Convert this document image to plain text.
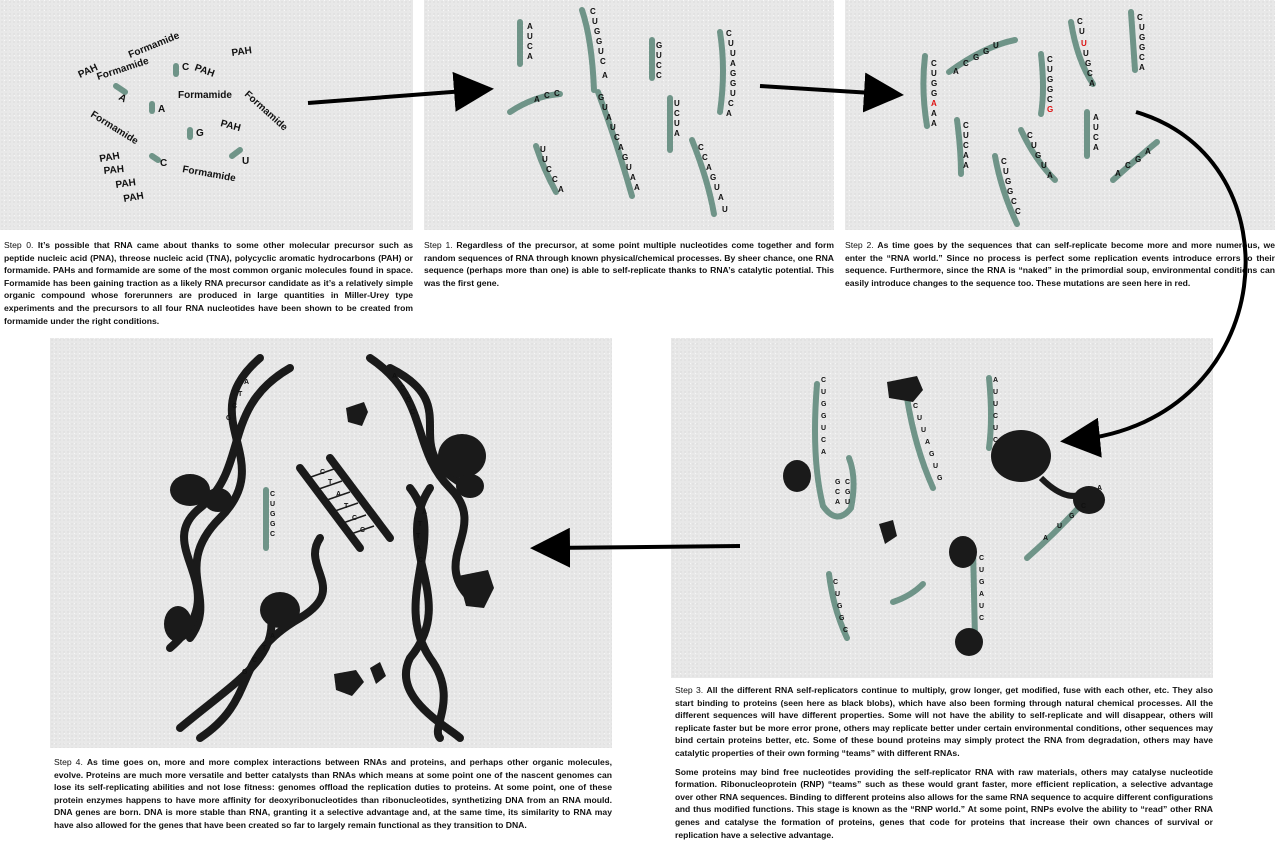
Formamide
Formamide
Formamide Formamide
Formamide
Formamide
PAH	PAH
PAH
PAH
PAH
PAH
PAH
PAH
A
C
A
G
C	U
Step 0. It’s possible that RNA came about thanks to some other molecular precursor such as peptide nucleic acid (PNA), threose nucleic acid (TNA), polycyclic aromatic hydrocarbons (PAH) or formamide. PAHs and formamide are some of the most common organic molecules found in space. Formamide has been gaining traction as a likely RNA precursor candidate as it’s a relatively simple organic compound whose forerunners are produced in large quantities in Miller-Urey type experiments and the precursors to all four RNA nucleotides have been shown to be created from formamide under the right conditions.
A
U
C
A
C
U
G
G
U
C
A
G
U
C
C
C
U
U
A
G
G
U
C
A
G
U
A
U
C
A
G
U
A
A
U
C
U
A
C
C
A
G
U
A
U
U
U
C
C
A
A C C
Step 1. Regardless of the precursor, at some point multiple nucleotides come together and form random sequences of RNA through known physical/chemical processes. By sheer chance, one RNA sequence (perhaps more than one) is able to self-replicate thanks to RNA’s catalytic potential. This was the first gene.
C
U
G
G
A
A
A
A
C
G
G
U
C
U
U
U
G
C
A
C
U
G
G
C
A
C
U
G
G
C
G
C
U
C
A
A
C
U
G
U
A
A
U
C
A
C
U
G
G
C
C
A
C
G
A
Step 2. As time goes by the sequences that can self-replicate become more and more numerous, we enter the “RNA world.” Since no process is perfect some replication events introduce errors to their sequence. Furthermore, since the RNA is “naked” in the primordial soup, environmental conditions can easily introduce changes to the sequence too. These mutations are seen here in red.
C
T
A
T
C
C
C
U
G
G
C
A
T
T
A
C
A
T
C
G
A
C
G
C
A
T
C
G
Step 4. As time goes on, more and more complex interactions between RNAs and proteins, and perhaps other organic molecules, evolve. Proteins are much more versatile and better catalysts than RNAs which means at some point one of the nascent genomes can lose its self-replicating abilities and not lose fitness: genomes offload the replication duties to proteins. At some point, one of these protein enzymes happens to have more affinity for deoxyribonucleotides than ribonucleotides, synthetizing DNA from an RNA mould. DNA genes are born. DNA is more stable than RNA, granting it a selective advantage and, at the same time, its similarity to RNA may have also allowed for the genes that have been created so far to largely remain functional as they transition to DNA.
C
U
G
G
U
C
A
G
C
A
C
G
U
C
U
U
A
G
U
G
A
U
U
C
U
C
C
U
G
G
C
C
U
G
A
U
C
A
C
G
U
A

Step 3. All the different RNA self-replicators continue to multiply, grow longer, get modified, fuse with each other, etc. They also start binding to proteins (seen here as black blobs), which have also been forming through natural chemical processes. All the different sequences will have different properties. Some will not have the ability to self-replicate and will disappear, others will replicate faster but be more error prone, others may replicate better under certain environmental conditions, other sequences may bind certain proteins better, etc. Some of these bound proteins may simply protect the RNA from degradation, others may have catalytic properties of their own forming “teams” with different RNAs.

Some proteins may bind free nucleotides providing the self-replicator RNA with raw materials, others may catalyse nucleotide formation. Ribonucleoprotein (RNP) “teams” such as these would grant faster, more efficient replication, a selective advantage over other RNA sequences. Binding to different proteins also allows for the same RNA sequence to acquire different configurations and thus modified functions. This stage is known as the “RNP world.” At some point, RNPs evolve the ability to “read” other RNA genes and catalyse the formation of proteins, genes that code for proteins that increase their own chances of survival or replication have a selective advantage.
